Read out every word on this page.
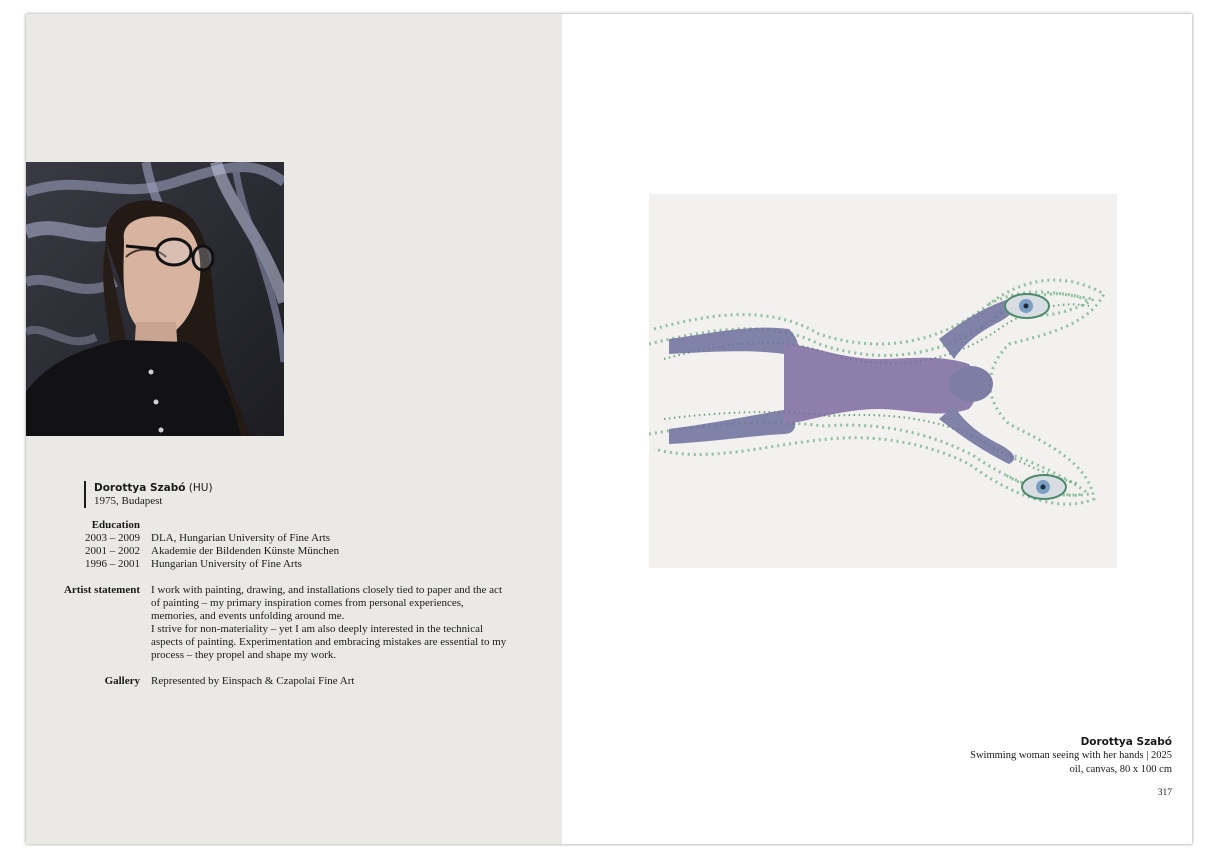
Dorottya Szabó (HU)
1975, Budapest
Education
2003 – 2009 DLA, Hungarian University of Fine Arts
2001 – 2002 Akademie der Bildenden Künste München
1996 – 2001 Hungarian University of Fine Arts
Artist statement I work with painting, drawing, and installations closely tied to paper and the act of painting – my primary inspiration comes from personal experiences, memories, and events unfolding around me.

I strive for non-materiality – yet I am also deeply interested in the technical aspects of painting. Experimentation and embracing mistakes are essential to my process – they propel and shape my work.

Gallery Represented by Einspach & Czapolai Fine Art
Dorottya Szabó
Swimming woman seeing with her hands | 2025
oil, canvas, 80 x 100 cm
317
